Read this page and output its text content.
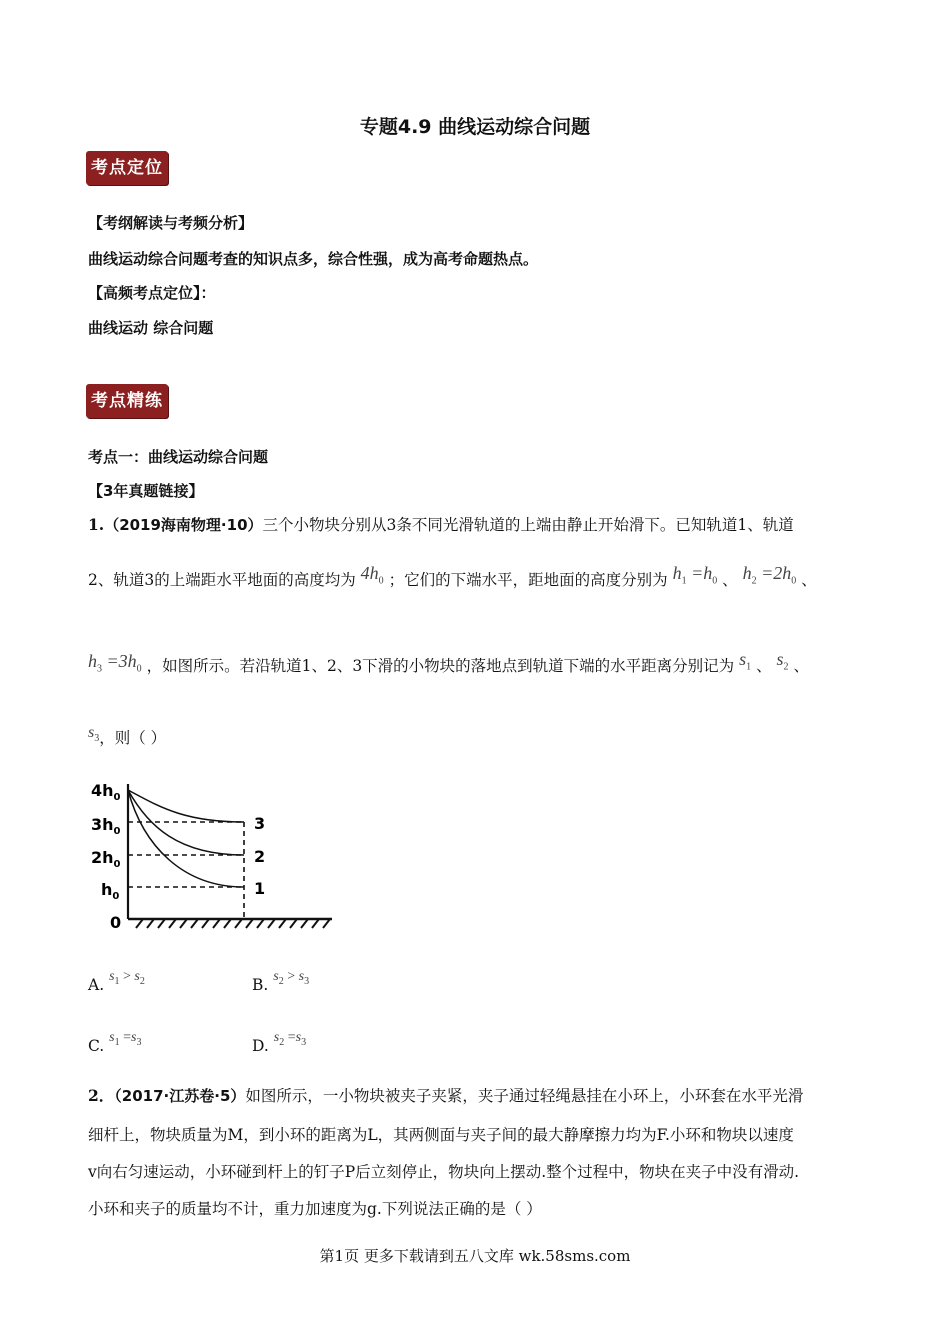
专题4.9 曲线运动综合问题
考点定位
【考纲解读与考频分析】
曲线运动综合问题考查的知识点多，综合性强，成为高考命题热点。
【高频考点定位】：
曲线运动 综合问题
考点精练
考点一：曲线运动综合问题
【3年真题链接】
1.（2019海南物理·10）三个小物块分别从3条不同光滑轨道的上端由静止开始滑下。已知轨道1、轨道
2、轨道3的上端距水平地面的高度均为 $4h_0$ ；它们的下端水平，距地面的高度分别为 $h_1 =h_0$ 、 $h_2 =2h_0$ 、
$h_3 =3h_0$ ，如图所示。若沿轨道1、2、3下滑的小物块的落地点到轨道下端的水平距离分别记为 $s_1$ 、 $s_2$ 、
$s_3$，则（ ）
$4h_0$
$3h_0$
$2h_0$
$h_0$
0
3
2
1
A. $s_1 > s_2$	B. $s_2 > s_3$
C. $s_1 =s_3$	D. $s_2 =s_3$
2．（2017·江苏卷·5）如图所示，一小物块被夹子夹紧，夹子通过轻绳悬挂在小环上，小环套在水平光滑
细杆上，物块质量为M，到小环的距离为L，其两侧面与夹子间的最大静摩擦力均为F.小环和物块以速度
v向右匀速运动，小环碰到杆上的钉子P后立刻停止，物块向上摆动.整个过程中，物块在夹子中没有滑动.
小环和夹子的质量均不计，重力加速度为g.下列说法正确的是（ ）
第1页 更多下载请到五八文库 wk.58sms.com
